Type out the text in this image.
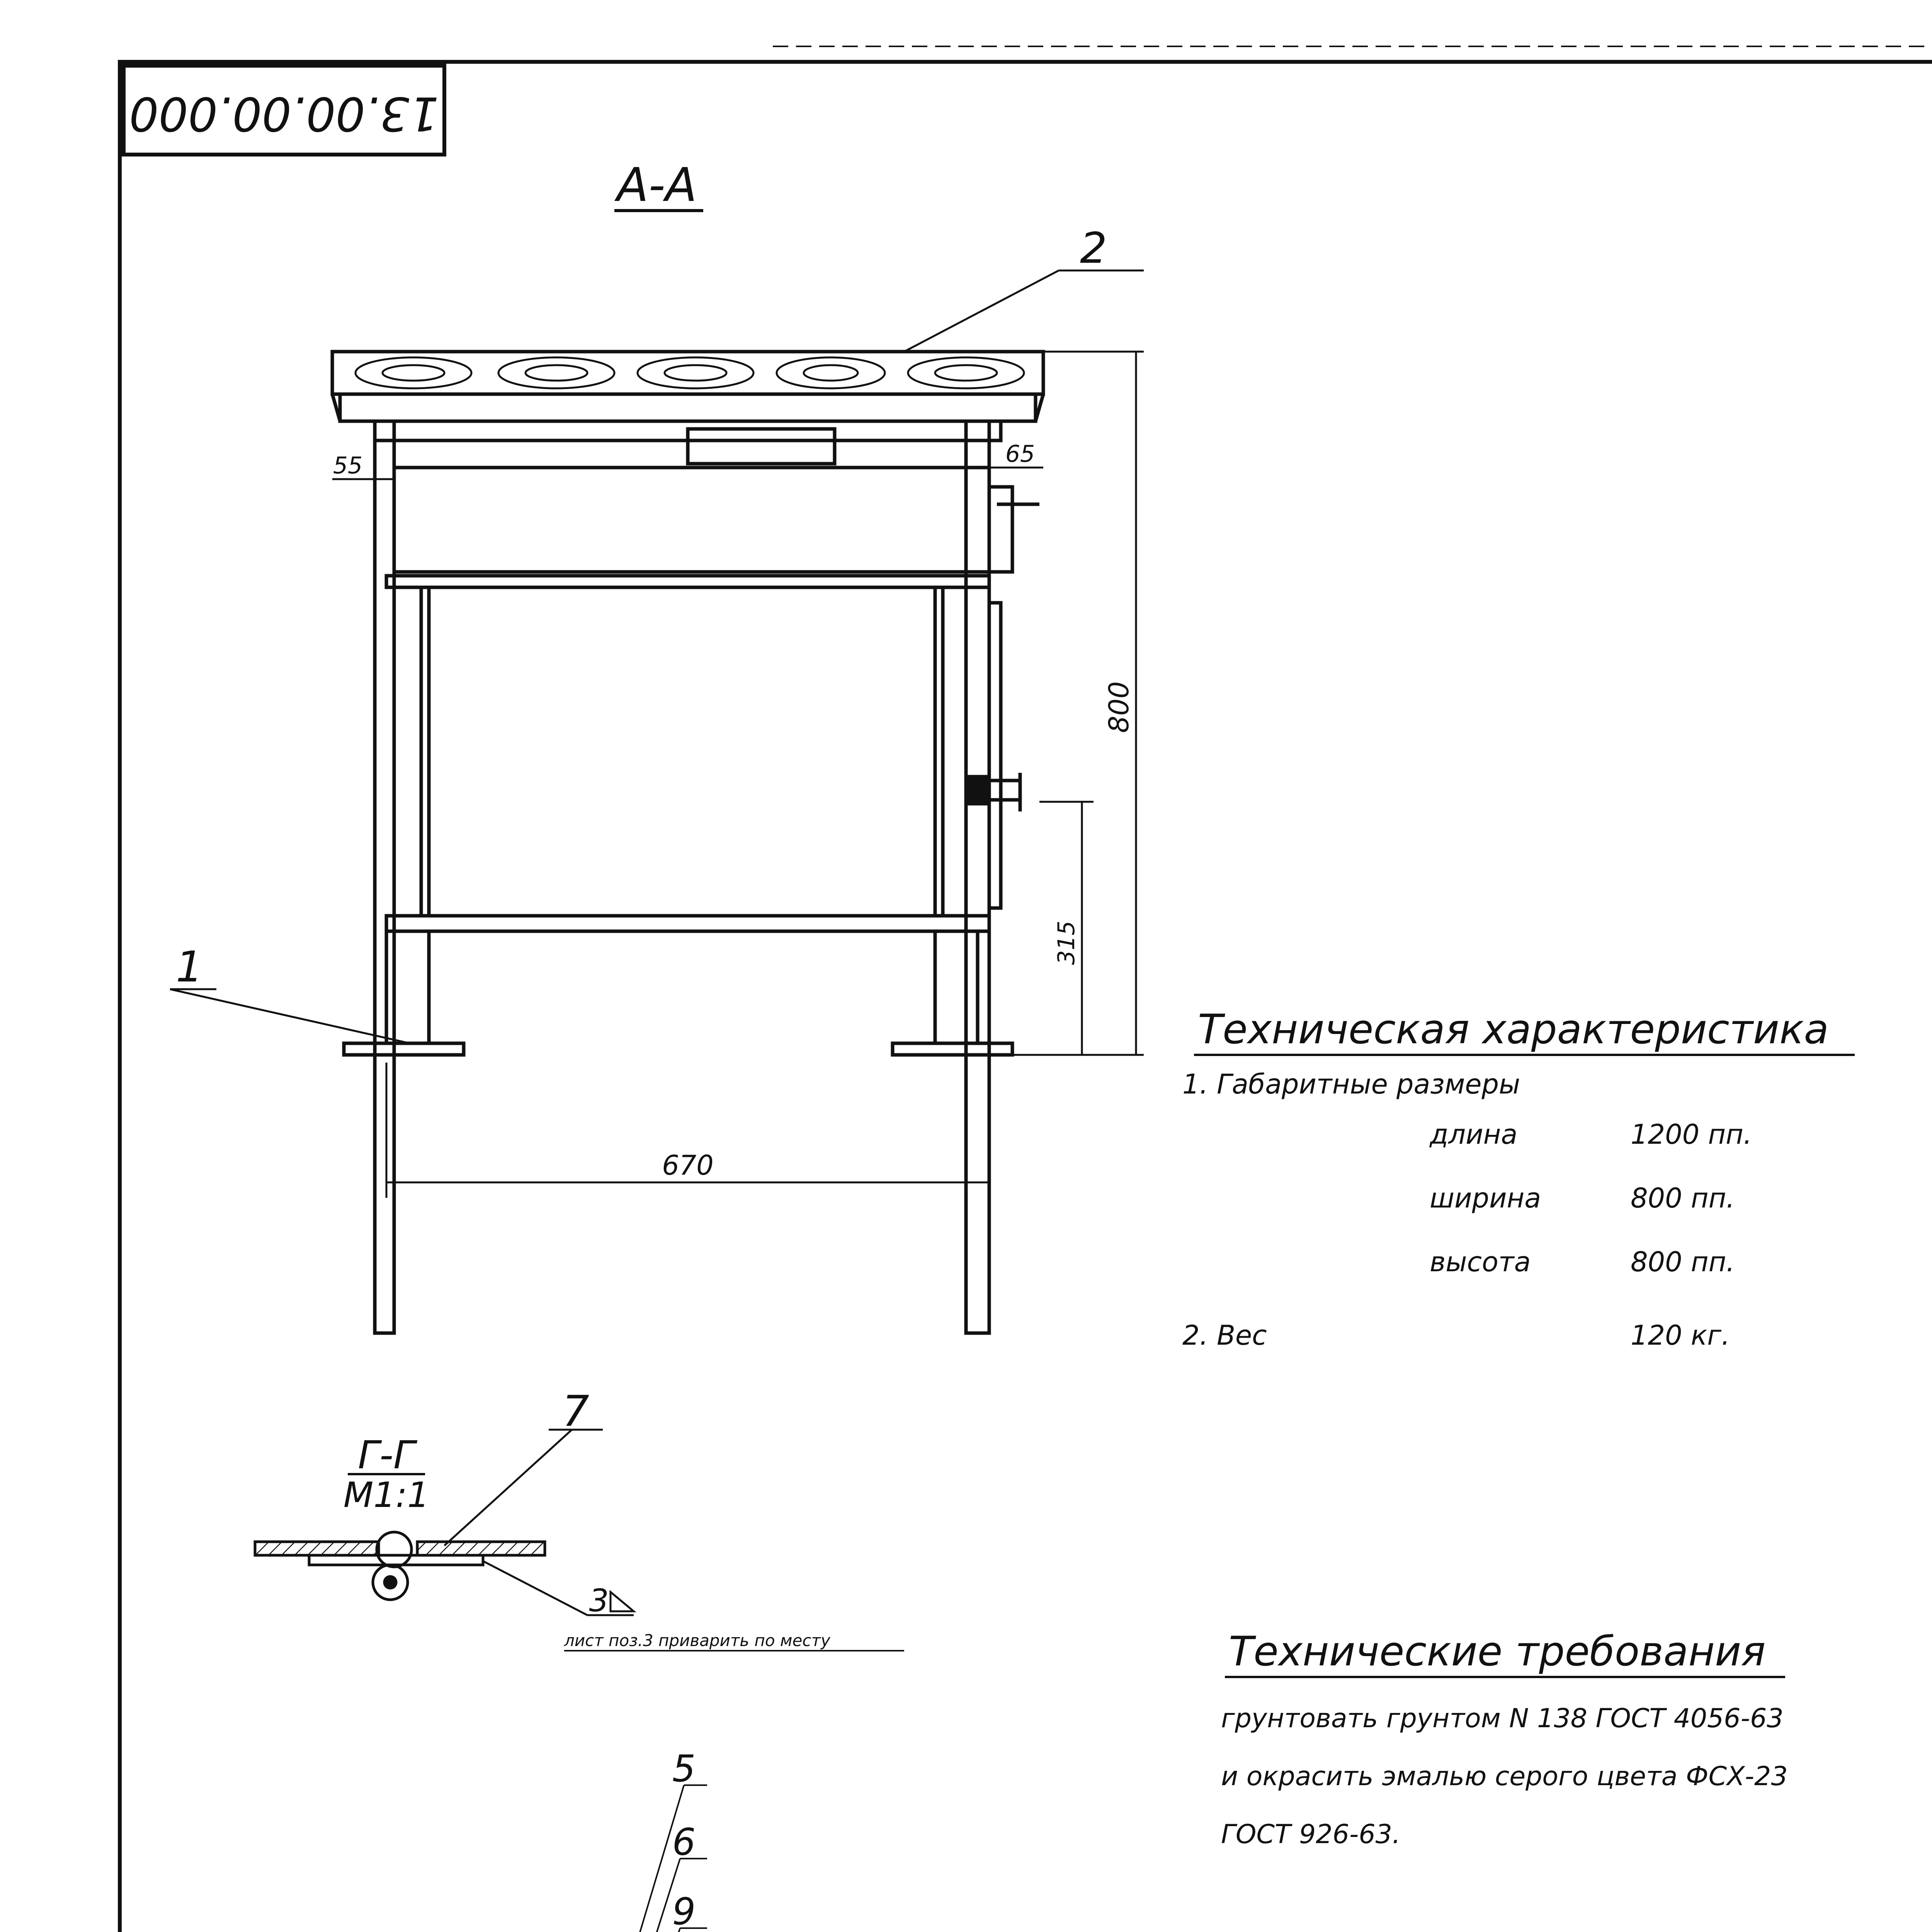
13.00.00.000
А-А
800
315
670
55	65
1
2
Техническая характеристика
1. Габаритные размеры
длина	1200 пп.
ширина	800 пп.
высота	800 пп.
2. Вес	120 кг.
Г-Г
М1:1
7
3
лист поз.3 приварить по месту	Технические требования
грунтовать грунтом N 138 ГОСТ 4056-63
и окрасить эмалью серого цвета ФСХ-23
ГОСТ 926-63.
5
6
9
